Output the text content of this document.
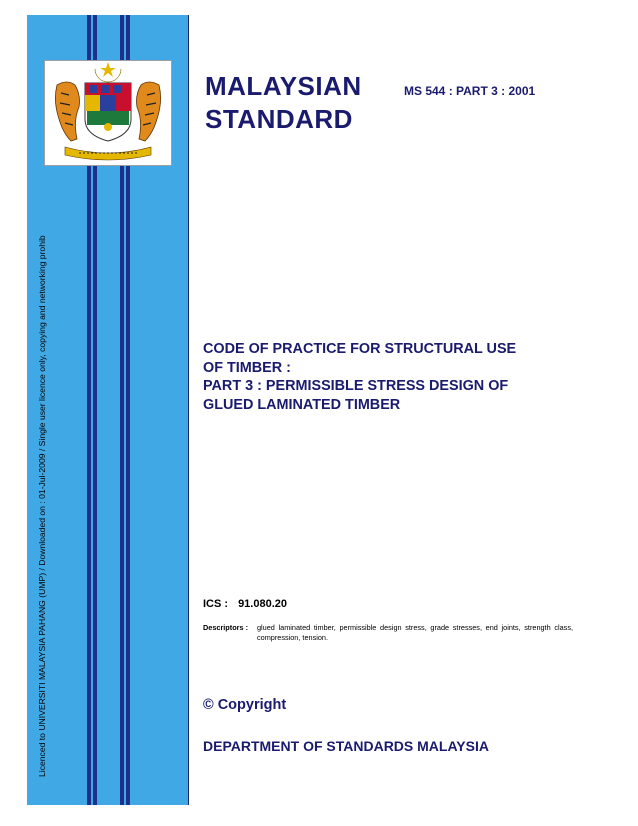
Licenced to UNIVERSITI MALAYSIA PAHANG (UMP) / Downloaded on : 01-Jul-2009 / Single user licence only, copying and networking prohib
MALAYSIAN
STANDARD
MS 544 : PART 3 : 2001
CODE OF PRACTICE FOR STRUCTURAL USE
OF TIMBER :
PART 3 : PERMISSIBLE STRESS DESIGN OF
GLUED LAMINATED TIMBER
ICS : 91.080.20
Descriptors : glued laminated timber, permissible design stress, grade stresses, end joints, strength class, compression, tension.
© Copyright
DEPARTMENT OF STANDARDS MALAYSIA
